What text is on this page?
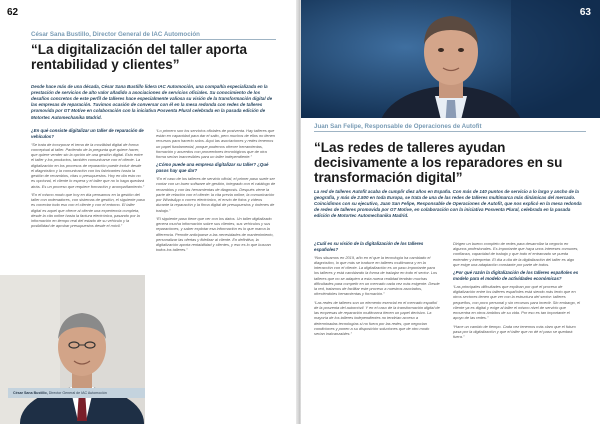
62
César Sana Bustillo, Director General de IAC Automoción
“La digitalización del taller aporta rentabilidad y clientes”
Desde hace más de una década, César Sana Bustillo lidera IAC Automoción, una compañía especializada en la prestación de servicios de alto valor añadido a asociaciones de servicios oficiales. Su conocimiento de los desafíos concretos de este perfil de talleres hace especialmente valiosa su visión de la transformación digital de las empresas de reparación. Tuvimos ocasión de conversar con él en la mesa redonda con redes de talleres promovida por GT Motive en colaboración con la iniciativa Posventa Plural celebrada en la pasada edición de Motortec Automechanika Madrid.

¿En qué consiste digitalizar un taller de reparación de vehículos?

“Se trata de incorporar el tema de la movilidad digital de forma conceptual al taller. Partiendo de la pregunta qué quiere hacer, que quiere vender sin la opción de una gestión digital. Esto entre el taller y los productos, también comunicarse con el cliente. La digitalización en los procesos de reparación puede incluir desde el diagnóstico y la comunicación con los fabricantes hasta la gestión de recambios, citas o presupuestos. Hoy en día esto no es opcional, el cliente lo espera y el taller que no lo haga quedará atrás. Es un proceso que requiere formación y acompañamiento.”

“En el mismo modo que hoy en día pensamos en la gestión del taller con ordenadores, con sistemas de gestión, el siguiente paso es conectar todo eso con el cliente y con el entorno. El taller digital es aquel que ofrece al cliente una experiencia completa, desde la cita online hasta la factura electrónica, pasando por la información en tiempo real del estado de su vehículo y la posibilidad de aprobar presupuestos desde el móvil.”

“Lo primero son los servicios oficiales de postventa. Hay talleres que están en capacidad para dar el salto, pero muchos de ellos no tienen recursos para hacerlo solos. Aquí las asociaciones y redes tenemos un papel fundamental, porque podemos ofrecer herramientas, formación y acuerdos con proveedores tecnológicos que de otra forma serían inaccesibles para un taller independiente.”

¿Cómo puede una empresa digitalizar su taller? ¿Qué pasos hay que dar?

“En el caso de los talleres de servicio oficial, el primer paso suele ser contar con un buen software de gestión, integrado con el catálogo de recambios y con las herramientas de diagnosis. Después viene la parte de relación con el cliente: la cita previa online, la comunicación por WhatsApp o correo electrónico, el envío de fotos y vídeos durante la reparación y la firma digital de presupuestos y órdenes de trabajo.”

“El siguiente paso tiene que ver con los datos. Un taller digitalizado genera mucha información sobre sus clientes, sus vehículos y sus reparaciones, y saber explotar esa información es lo que marca la diferencia. Permite anticiparse a las necesidades de mantenimiento, personalizar las ofertas y fidelizar al cliente. En definitiva, la digitalización aporta rentabilidad y clientes, y eso es lo que buscan todos los talleres.”

César Sana Bustillo, Director General de IAC Automoción
63
Juan San Felipe, Responsable de Operaciones de Autofit
“Las redes de talleres ayudan decisivamente a los reparadores en su transformación digital”
La red de talleres Autofit acaba de cumplir diez años en España. Con más de 140 puntos de servicio a lo largo y ancho de la geografía, y más de 2.500 en toda Europa, se trata de una de las redes de talleres multimarca más dinámicas del mercado. Coincidimos con su ejecutivo, Juan San Felipe, Responsable de Operaciones de Autofit, que nos explicó en la mesa redonda de redes de talleres promovida por GT Motive, en colaboración con la iniciativa Posventa Plural, celebrada en la pasada edición de Motortec Automechanika Madrid.

¿Cuál es su visión de la digitalización de los talleres españoles?

“Nos situamos en 2019, año en el que la tecnología ha cambiado el diagnóstico, lo que más se traduce en talleres multimarca y en la interacción con el cliente. La digitalización es un paso importante para los talleres y está cambiando la forma de trabajar en todo el sector. Los talleres que no se adapten a esta nueva realidad tendrán muchas dificultades para competir en un mercado cada vez más exigente. Desde la red, tratamos de facilitar este proceso a nuestros asociados, ofreciéndoles herramientas y formación.”

“Las redes de talleres son un elemento esencial en el mercado español de la posventa del automóvil. Y en el caso de la transformación digital de las empresas de reparación multimarca tienen un papel decisivo. La mayoría de los talleres independientes no tendrían acceso a determinadas tecnologías si no fuera por las redes, que negocian condiciones y ponen a su disposición soluciones que de otro modo serían inalcanzables.”

Dirigen un bueno completo de redes para desarrollar la negocio en algunos profesionales. Es importante que haya unos intereses comunes, confianza, capacidad de trabajo y que todo el entramado se pueda entender y interpretar. El día a día de la digitalización del taller es algo que exige una adaptación constante por parte de todos.

¿Por qué razón la digitalización de los talleres españoles es modelo para el modelo de actividades económicas?

“Las principales dificultades que explican por qué el proceso de digitalización entre los talleres españoles está siendo más lento que en otros sectores tienen que ver con la estructura del sector: talleres pequeños, con poco personal y sin recursos para invertir. Sin embargo, el cliente ya es digital y exige al taller el mismo nivel de servicio que encuentra en otros ámbitos de su vida. Por eso es tan importante el apoyo de las redes.”

“Hace un cambio de tiempo. Cada vez tenemos más claro que el futuro pasa por la digitalización y que el taller que no dé el paso se quedará fuera.”
